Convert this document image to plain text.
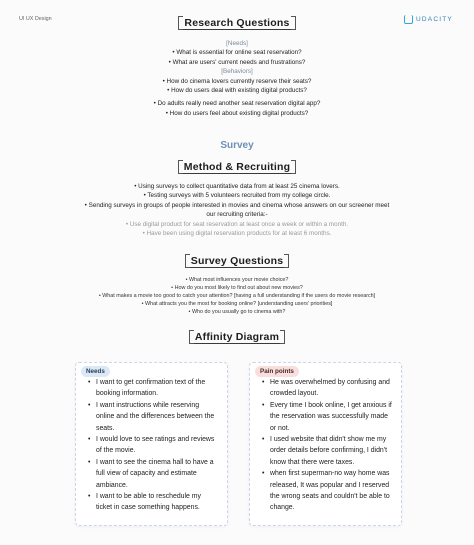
UI UX Design	UDACITY
Research Questions
[Needs]
• What is essential for online seat reservation?
• What are users' current needs and frustrations?
[Behaviors]
• How do cinema lovers currently reserve their seats?
• How do users deal with existing digital products?
• Do adults really need another seat reservation digital app?
• How do users feel about existing digital products?
Survey
Method & Recruiting
• Using surveys to collect quantitative data from at least 25 cinema lovers.
• Testing surveys with 5 volunteers recruited from my college circle.
• Sending surveys in groups of people interested in movies and cinema whose answers on our screener meet
our recruiting criteria:-
• Use digital product for seat reservation at least once a week or within a month.
• Have been using digital reservation products for at least 6 months.
Survey Questions
• What most influences your movie choice?
• How do you most likely to find out about new movies?
• What makes a movie too good to catch your attention? [having a full understanding if the users do movie research]
• What attracts you the most for booking online? [understanding users' priorities]
• Who do you usually go to cinema with?
Affinity Diagram
Needs
• I want to get confirmation text of the
booking information.
• I want instructions while reserving
online and the differences between the
seats.
• I would love to see ratings and reviews
of the movie.
• I want to see the cinema hall to have a
full view of capacity and estimate
ambiance.
• I want to be able to reschedule my
ticket in case something happens.
Pain points
• He was overwhelmed by confusing and
crowded layout.
• Every time I book online, I get anxious if
the reservation was successfully made
or not.
• I used website that didn't show me my
order details before confirming, I didn't
know that there were taxes.
• when first superman-no way home was
released, It was popular and I reserved
the wrong seats and couldn't be able to
change.
